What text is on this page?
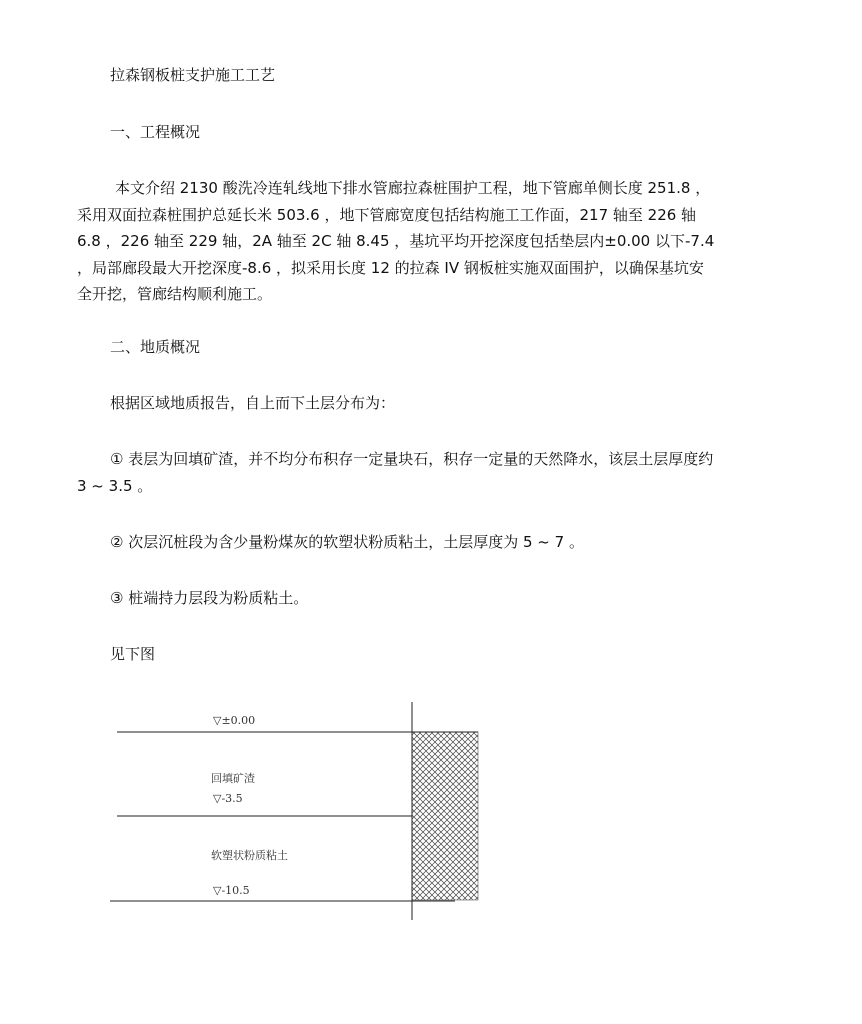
拉森钢板桩支护施工工艺
一、工程概况
本文介绍 2130 酸洗冷连轧线地下排水管廊拉森桩围护工程，地下管廊单侧长度 251.8 ，
采用双面拉森桩围护总延长米 503.6 ，地下管廊宽度包括结构施工工作面，217 轴至 226 轴
6.8 ，226 轴至 229 轴，2A 轴至 2C 轴 8.45 ，基坑平均开挖深度包括垫层内±0.00 以下-7.4
，局部廊段最大开挖深度-8.6 ，拟采用长度 12 的拉森 IV 钢板桩实施双面围护，以确保基坑安
全开挖，管廊结构顺利施工。
二、地质概况
根据区域地质报告，自上而下土层分布为：
① 表层为回填矿渣，并不均分布积存一定量块石，积存一定量的天然降水，该层土层厚度约
3 ~ 3.5 。
② 次层沉桩段为含少量粉煤灰的软塑状粉质粘土，土层厚度为 5 ~ 7 。
③ 桩端持力层段为粉质粘土。
见下图
▽±0.00
回填矿渣
▽-3.5
软塑状粉质粘土
▽-10.5
